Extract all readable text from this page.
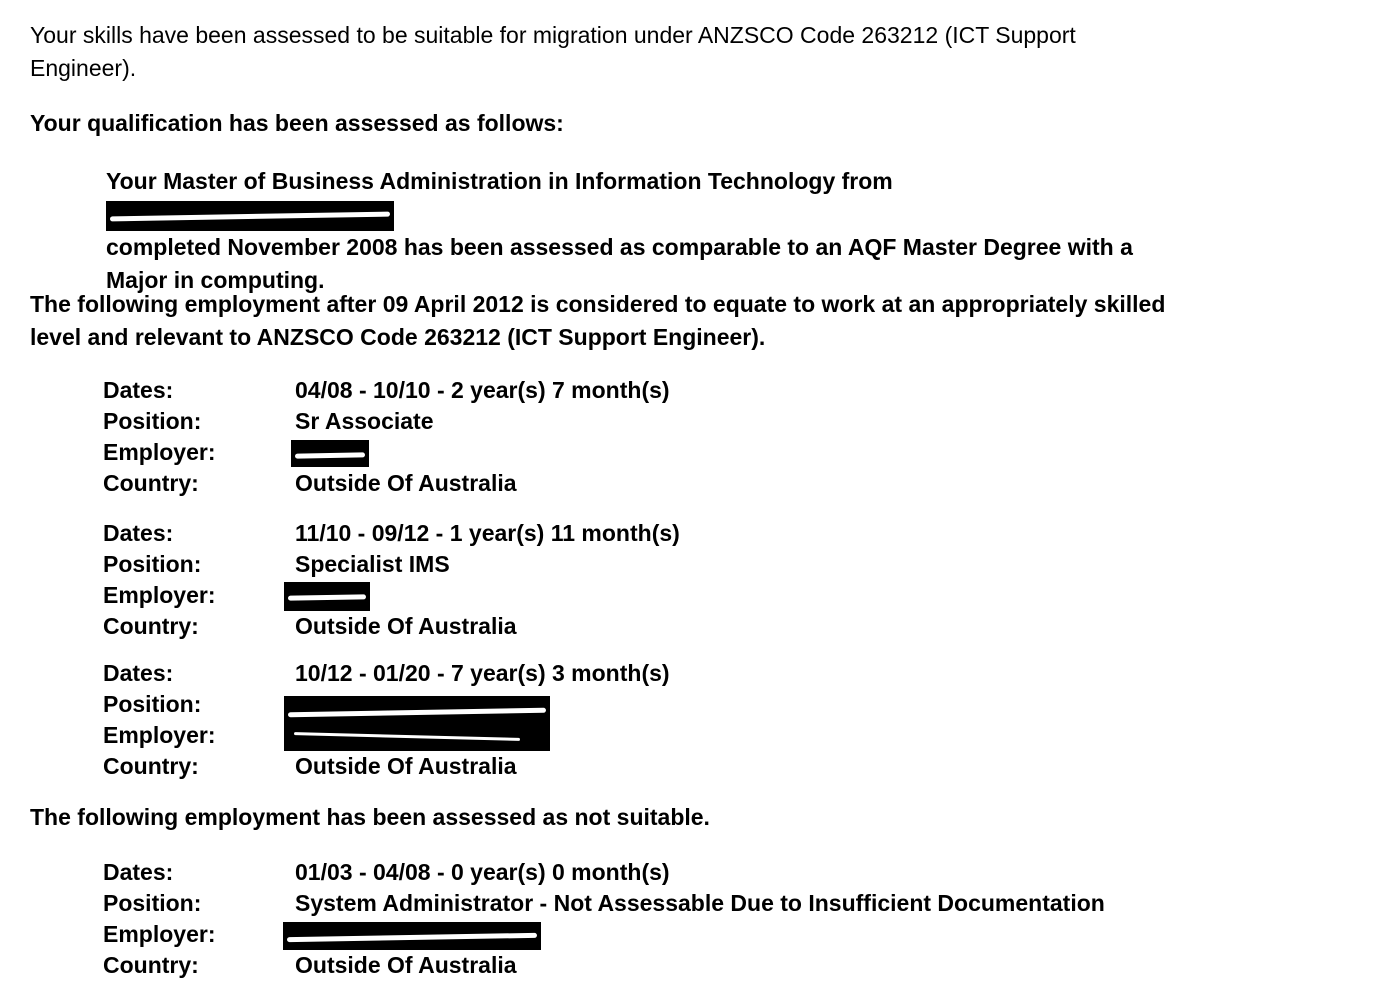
Your skills have been assessed to be suitable for migration under ANZSCO Code 263212 (ICT Support Engineer).

Your qualification has been assessed as follows:

Your Master of Business Administration in Information Technology from

completed November 2008 has been assessed as comparable to an AQF Master Degree with a Major in computing.

The following employment after 09 April 2012 is considered to equate to work at an appropriately skilled level and relevant to ANZSCO Code 263212 (ICT Support Engineer).

Dates:	04/08 - 10/10 - 2 year(s) 7 month(s)
Position:	Sr Associate
Employer:
Country:	Outside Of Australia
Dates:	11/10 - 09/12 - 1 year(s) 11 month(s)
Position:	Specialist IMS
Employer:
Country:	Outside Of Australia
Dates:	10/12 - 01/20 - 7 year(s) 3 month(s)
Position:
Employer:
Country:	Outside Of Australia

The following employment has been assessed as not suitable.

Dates:	01/03 - 04/08 - 0 year(s) 0 month(s)
Position:	System Administrator - Not Assessable Due to Insufficient Documentation
Employer:
Country:	Outside Of Australia
